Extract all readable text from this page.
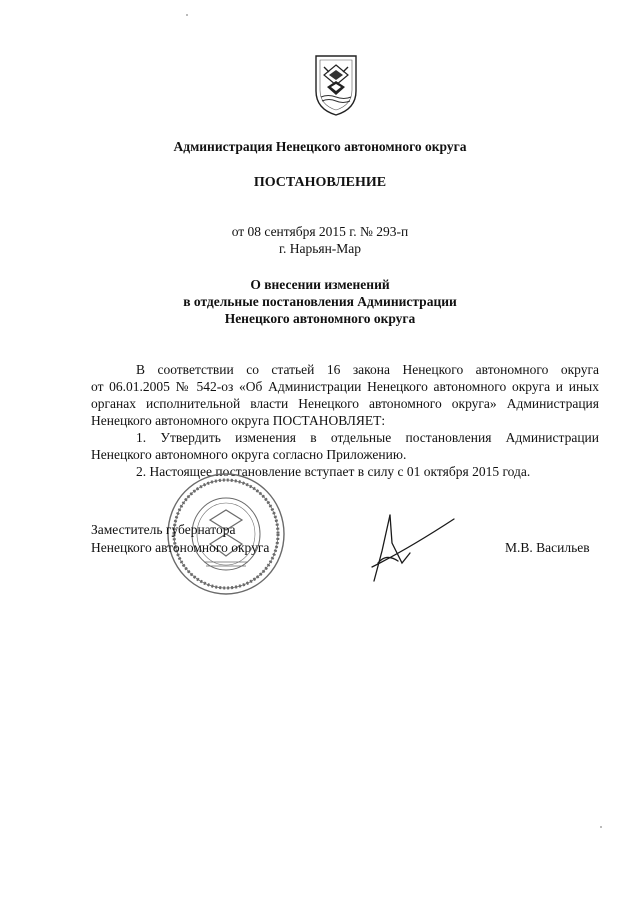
Администрация Ненецкого автономного округа
ПОСТАНОВЛЕНИЕ
от 08 сентября 2015 г. № 293-п
г. Нарьян-Мар
О внесении изменений
в отдельные постановления Администрации
Ненецкого автономного округа
В соответствии со статьей 16 закона Ненецкого автономного округа
от 06.01.2005 № 542-оз «Об Администрации Ненецкого автономного округа и иных
органах исполнительной власти Ненецкого автономного округа» Администрация
Ненецкого автономного округа ПОСТАНОВЛЯЕТ:
1. Утвердить изменения в отдельные постановления Администрации
Ненецкого автономного округа согласно Приложению.
2. Настоящее постановление вступает в силу с 01 октября 2015 года.
Заместитель губернатора
Ненецкого автономного округа	М.В. Васильев
